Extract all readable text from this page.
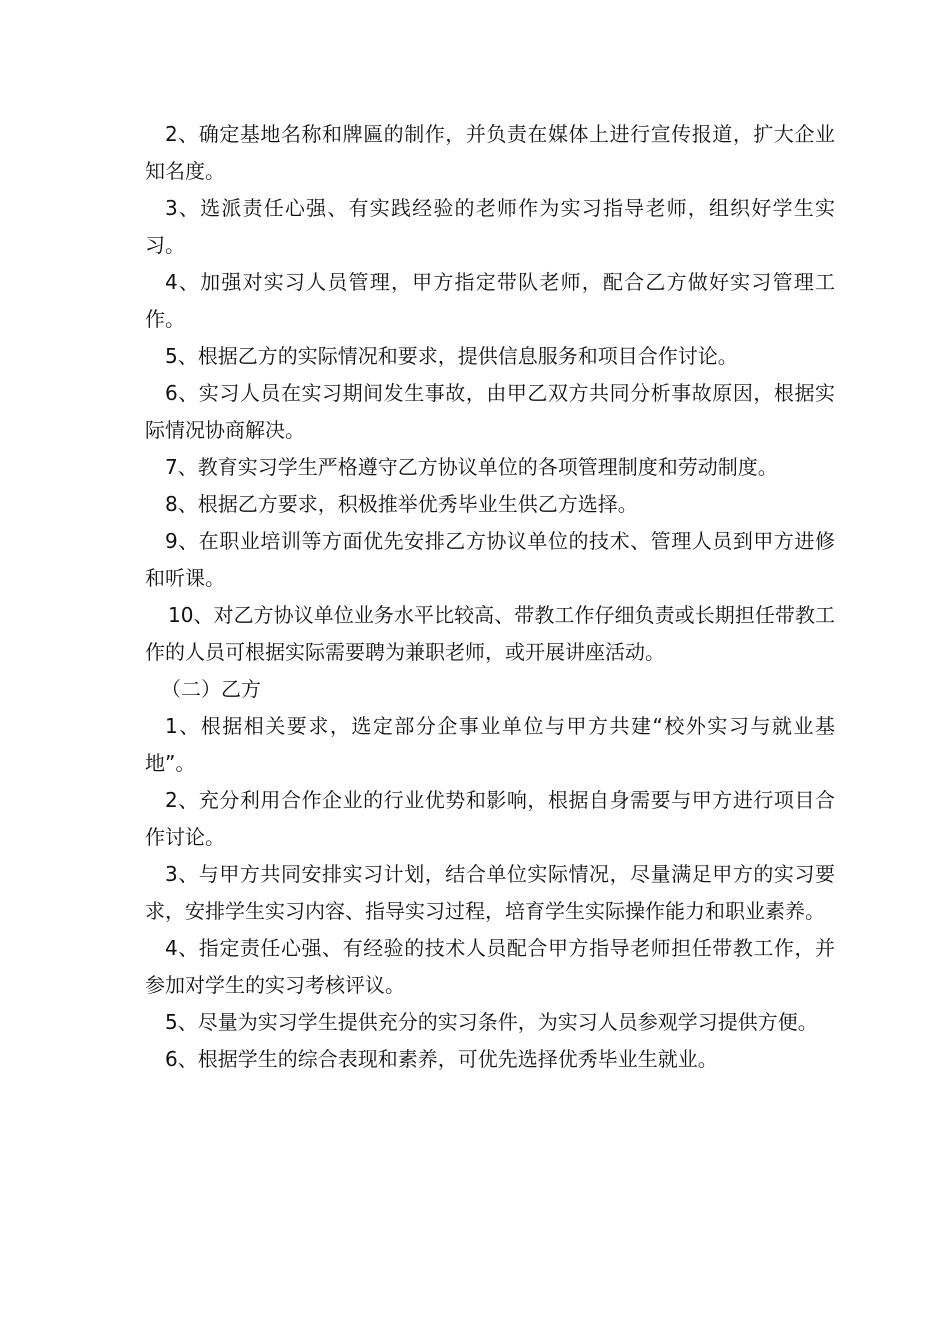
2、确定基地名称和牌匾的制作，并负责在媒体上进行宣传报道，扩大企业知名度。

3、选派责任心强、有实践经验的老师作为实习指导老师，组织好学生实习。

4、加强对实习人员管理，甲方指定带队老师，配合乙方做好实习管理工作。

5、根据乙方的实际情况和要求，提供信息服务和项目合作讨论。

6、实习人员在实习期间发生事故，由甲乙双方共同分析事故原因，根据实际情况协商解决。

7、教育实习学生严格遵守乙方协议单位的各项管理制度和劳动制度。

8、根据乙方要求，积极推举优秀毕业生供乙方选择。

9、在职业培训等方面优先安排乙方协议单位的技术、管理人员到甲方进修和听课。

10、对乙方协议单位业务水平比较高、带教工作仔细负责或长期担任带教工作的人员可根据实际需要聘为兼职老师，或开展讲座活动。

（二）乙方

1、根据相关要求，选定部分企事业单位与甲方共建“校外实习与就业基地”。

2、充分利用合作企业的行业优势和影响，根据自身需要与甲方进行项目合作讨论。

3、与甲方共同安排实习计划，结合单位实际情况，尽量满足甲方的实习要求，安排学生实习内容、指导实习过程，培育学生实际操作能力和职业素养。

4、指定责任心强、有经验的技术人员配合甲方指导老师担任带教工作，并参加对学生的实习考核评议。

5、尽量为实习学生提供充分的实习条件，为实习人员参观学习提供方便。

6、根据学生的综合表现和素养，可优先选择优秀毕业生就业。
